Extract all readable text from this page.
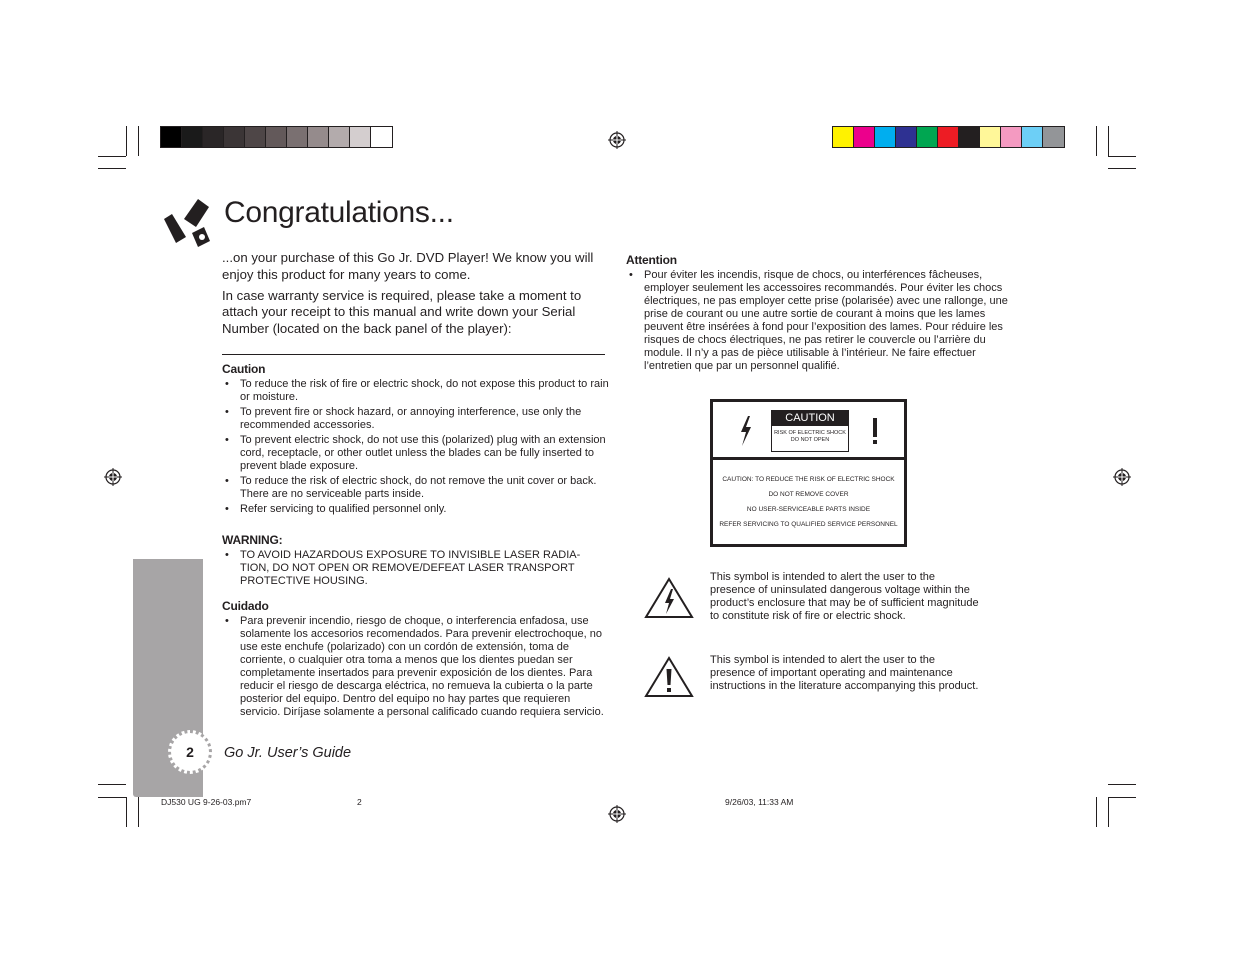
Congratulations...

...on your purchase of this Go Jr. DVD Player! We know you will enjoy this product for many years to come.

In case warranty service is required, please take a moment to attach your receipt to this manual and write down your Serial Number (located on the back panel of the player):

Caution
• To reduce the risk of fire or electric shock, do not expose this product to rain or moisture.
• To prevent fire or shock hazard, or annoying interference, use only the recommended accessories.
• To prevent electric shock, do not use this (polarized) plug with an extension cord, receptacle, or other outlet unless the blades can be fully inserted to prevent blade exposure.
• To reduce the risk of electric shock, do not remove the unit cover or back. There are no serviceable parts inside.
• Refer servicing to qualified personnel only.
WARNING:
• TO AVOID HAZARDOUS EXPOSURE TO INVISIBLE LASER RADIA-TION, DO NOT OPEN OR REMOVE/DEFEAT LASER TRANSPORT PROTECTIVE HOUSING.
Cuidado
• Para prevenir incendio, riesgo de choque, o interferencia enfadosa, use solamente los accesorios recomendados. Para prevenir electrochoque, no use este enchufe (polarizado) con un cordón de extensión, toma de corriente, o cualquier otra toma a menos que los dientes puedan ser completamente insertados para prevenir exposición de los dientes. Para reducir el riesgo de descarga eléctrica, no remueva la cubierta o la parte posterior del equipo. Dentro del equipo no hay partes que requieren servicio. Diríjase solamente a personal calificado cuando requiera servicio.
2 Go Jr. User’s Guide
Attention
• Pour éviter les incendis, risque de chocs, ou interférences fâcheuses, employer seulement les accessoires recommandés. Pour éviter les chocs électriques, ne pas employer cette prise (polarisée) avec une rallonge, une prise de courant ou une autre sortie de courant à moins que les lames peuvent être insérées à fond pour l’exposition des lames. Pour réduire les risques de chocs électriques, ne pas retirer le couvercle ou l’arrière du module. Il n’y a pas de pièce utilisable à l’intérieur. Ne faire effectuer l’entretien que par un personnel qualifié.
CAUTION
RISK OF ELECTRIC SHOCK
DO NOT OPEN
CAUTION: TO REDUCE THE RISK OF ELECTRIC SHOCK
DO NOT REMOVE COVER
NO USER-SERVICEABLE PARTS INSIDE
REFER SERVICING TO QUALIFIED SERVICE PERSONNEL
This symbol is intended to alert the user to the presence of uninsulated dangerous voltage within the product’s enclosure that may be of sufficient magnitude to constitute risk of fire or electric shock.
This symbol is intended to alert the user to the presence of important operating and maintenance instructions in the literature accompanying this product.
DJ530 UG 9-26-03.pm7	2	9/26/03, 11:33 AM
